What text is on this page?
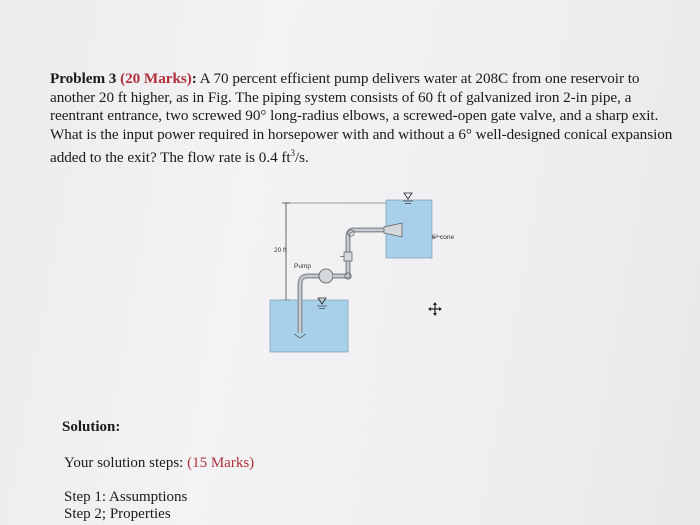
Problem 3 (20 Marks): A 70 percent efficient pump delivers water at 208C from one reservoir to another 20 ft higher, as in Fig. The piping system consists of 60 ft of galvanized iron 2-in pipe, a reentrant entrance, two screwed 90° long-radius elbows, a screwed-open gate valve, and a sharp exit. What is the input power required in horsepower with and without a 6° well-designed conical expansion added to the exit? The flow rate is 0.4 $ft^3/s$.
20 ft
Pump
6° cone
Solution:
Your solution steps: (15 Marks)
Step 1: Assumptions
Step 2; Properties
